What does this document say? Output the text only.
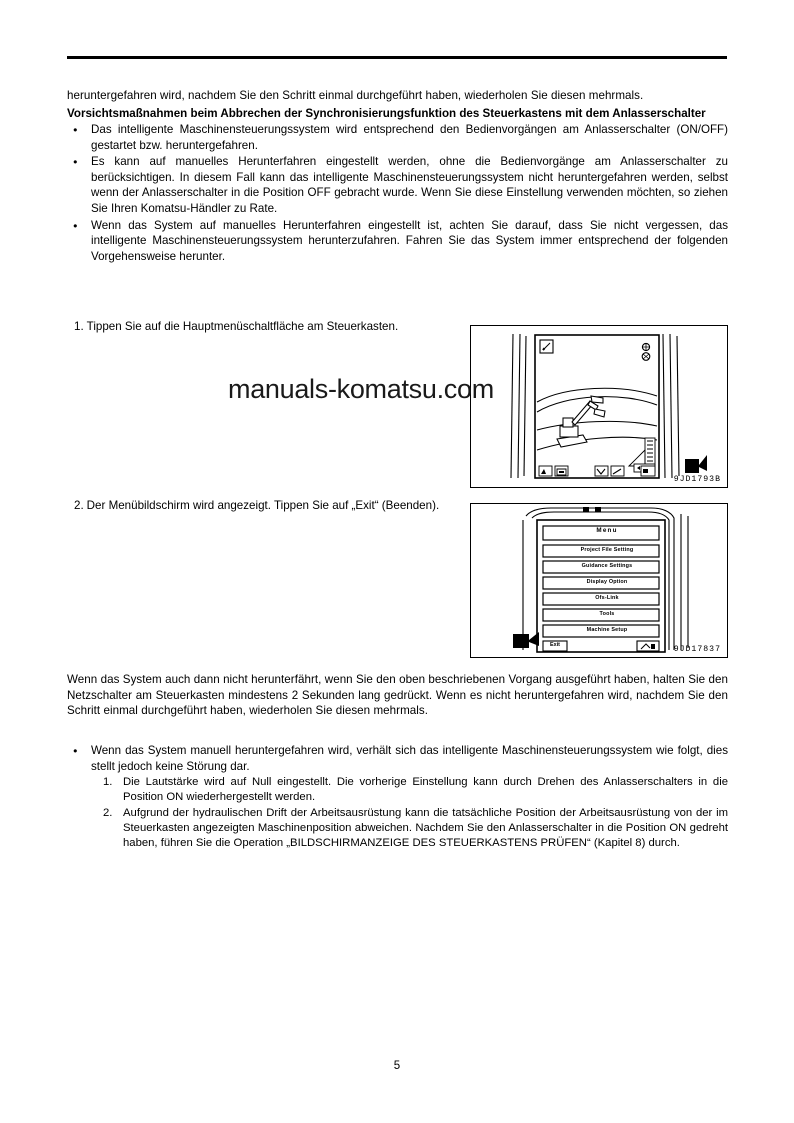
heruntergefahren wird, nachdem Sie den Schritt einmal durchgeführt haben, wiederholen Sie diesen mehrmals.

Vorsichtsmaßnahmen beim Abbrechen der Synchronisierungsfunktion des Steuerkastens mit dem Anlasserschalter
● Das intelligente Maschinensteuerungssystem wird entsprechend den Bedienvorgängen am Anlasserschalter (ON/OFF) gestartet bzw. heruntergefahren.
● Es kann auf manuelles Herunterfahren eingestellt werden, ohne die Bedienvorgänge am Anlasserschalter zu berücksichtigen. In diesem Fall kann das intelligente Maschinensteuerungssystem nicht heruntergefahren werden, selbst wenn der Anlasserschalter in die Position OFF gebracht wurde. Wenn Sie diese Einstellung verwenden möchten, so ziehen Sie Ihren Komatsu-Händler zu Rate.
● Wenn das System auf manuelles Herunterfahren eingestellt ist, achten Sie darauf, dass Sie nicht vergessen, das intelligente Maschinensteuerungssystem herunterzufahren. Fahren Sie das System immer entsprechend der folgenden Vorgehensweise herunter.
1. Tippen Sie auf die Hauptmenüschaltfläche am Steuerkasten.
9JD1793B
2. Der Menübildschirm wird angezeigt. Tippen Sie auf „Exit“ (Beenden).
Menu
Project File Setting
Guidance Settings
Display Option
Ofs-Link
Tools
Machine Setup
Exit	9JD17837

Wenn das System auch dann nicht herunterfährt, wenn Sie den oben beschriebenen Vorgang ausgeführt haben, halten Sie den Netzschalter am Steuerkasten mindestens 2 Sekunden lang gedrückt. Wenn es nicht heruntergefahren wird, nachdem Sie den Schritt einmal durchgeführt haben, wiederholen Sie diesen mehrmals.

● Wenn das System manuell heruntergefahren wird, verhält sich das intelligente Maschinensteuerungssystem wie folgt, dies stellt jedoch keine Störung dar.
1. Die Lautstärke wird auf Null eingestellt. Die vorherige Einstellung kann durch Drehen des Anlasserschalters in die Position ON wiederhergestellt werden.
2. Aufgrund der hydraulischen Drift der Arbeitsausrüstung kann die tatsächliche Position der Arbeitsausrüstung von der im Steuerkasten angezeigten Maschinenposition abweichen. Nachdem Sie den Anlasserschalter in die Position ON gedreht haben, führen Sie die Operation „BILDSCHIRMANZEIGE DES STEUERKASTENS PRÜFEN“ (Kapitel 8) durch.
manuals-komatsu.com
5
